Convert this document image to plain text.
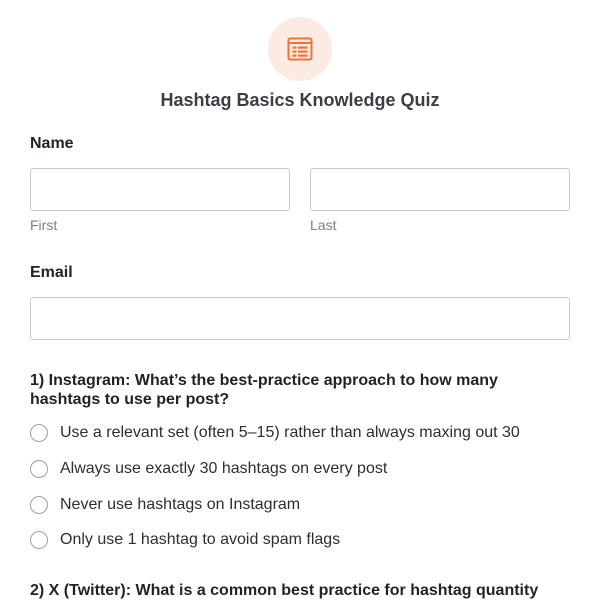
Hashtag Basics Knowledge Quiz
Name
First	Last
Email
1) Instagram: What’s the best-practice approach to how many hashtags to use per post?
Use a relevant set (often 5–15) rather than always maxing out 30
Always use exactly 30 hashtags on every post
Never use hashtags on Instagram
Only use 1 hashtag to avoid spam flags
2) X (Twitter): What is a common best practice for hashtag quantity
